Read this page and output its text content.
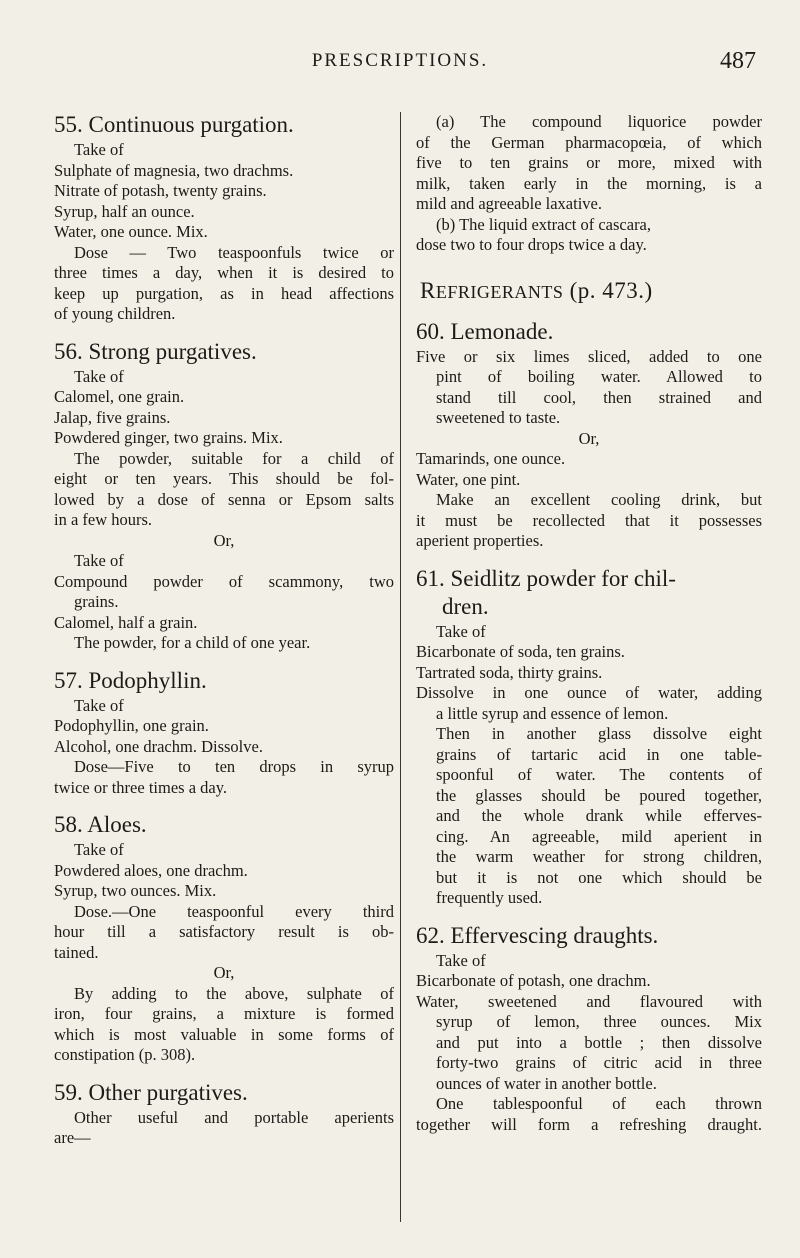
PRESCRIPTIONS.	487
55. Continuous purgation.
Take of
Sulphate of magnesia, two drachms.
Nitrate of potash, twenty grains.
Syrup, half an ounce.
Water, one ounce. Mix.
Dose — Two teaspoonfuls twice or
three times a day, when it is desired to
keep up purgation, as in head affections
of young children.
56. Strong purgatives.
Take of
Calomel, one grain.
Jalap, five grains.
Powdered ginger, two grains. Mix.
The powder, suitable for a child of
eight or ten years. This should be fol-
lowed by a dose of senna or Epsom salts
in a few hours.
Or,
Take of
Compound powder of scammony, two
grains.
Calomel, half a grain.
The powder, for a child of one year.
57. Podophyllin.
Take of
Podophyllin, one grain.
Alcohol, one drachm. Dissolve.
Dose—Five to ten drops in syrup
twice or three times a day.
58. Aloes.
Take of
Powdered aloes, one drachm.
Syrup, two ounces. Mix.
Dose.—One teaspoonful every third
hour till a satisfactory result is ob-
tained.
Or,
By adding to the above, sulphate of
iron, four grains, a mixture is formed
which is most valuable in some forms of
constipation (p. 308).
59. Other purgatives.
Other useful and portable aperients
are—
(a) The compound liquorice powder
of the German pharmacopœia, of which
five to ten grains or more, mixed with
milk, taken early in the morning, is a
mild and agreeable laxative.
(b) The liquid extract of cascara,
dose two to four drops twice a day.
REFRIGERANTS (p. 473.)
60. Lemonade.
Five or six limes sliced, added to one
pint of boiling water. Allowed to
stand till cool, then strained and
sweetened to taste.
Or,
Tamarinds, one ounce.
Water, one pint.
Make an excellent cooling drink, but
it must be recollected that it possesses
aperient properties.
61. Seidlitz powder for chil-
dren.
Take of
Bicarbonate of soda, ten grains.
Tartrated soda, thirty grains.
Dissolve in one ounce of water, adding
a little syrup and essence of lemon.
Then in another glass dissolve eight
grains of tartaric acid in one table-
spoonful of water. The contents of
the glasses should be poured together,
and the whole drank while efferves-
cing. An agreeable, mild aperient in
the warm weather for strong children,
but it is not one which should be
frequently used.
62. Effervescing draughts.
Take of
Bicarbonate of potash, one drachm.
Water, sweetened and flavoured with
syrup of lemon, three ounces. Mix
and put into a bottle ; then dissolve
forty-two grains of citric acid in three
ounces of water in another bottle.
One tablespoonful of each thrown
together will form a refreshing draught.
